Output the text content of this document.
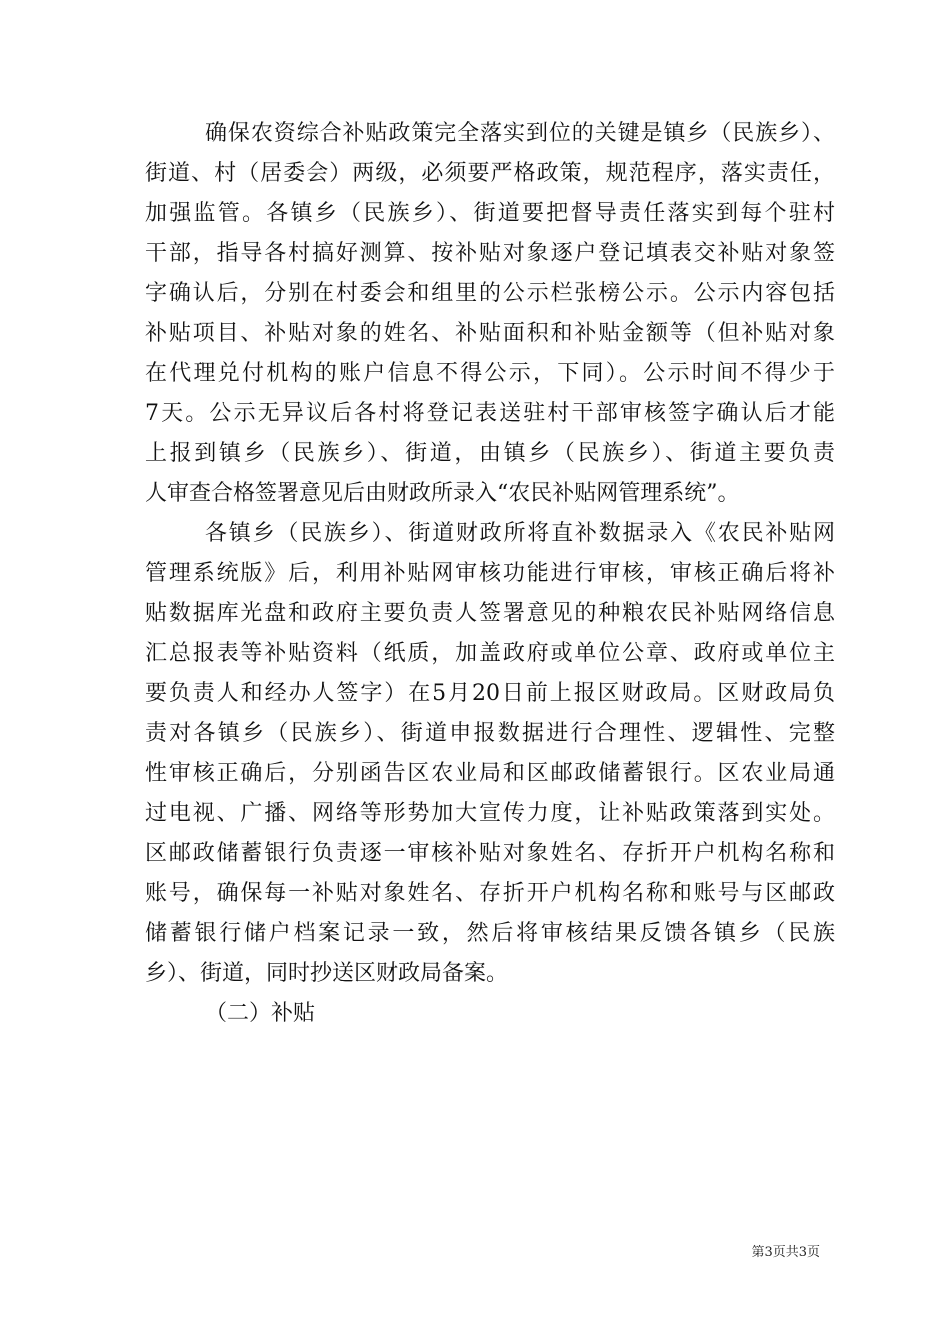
确保农资综合补贴政策完全落实到位的关键是镇乡（民族乡）、
街道、村（居委会）两级，必须要严格政策，规范程序，落实责任，
加强监管。各镇乡（民族乡）、街道要把督导责任落实到每个驻村
干部，指导各村搞好测算、按补贴对象逐户登记填表交补贴对象签
字确认后，分别在村委会和组里的公示栏张榜公示。公示内容包括
补贴项目、补贴对象的姓名、补贴面积和补贴金额等（但补贴对象
在代理兑付机构的账户信息不得公示，下同）。公示时间不得少于
7天。公示无异议后各村将登记表送驻村干部审核签字确认后才能
上报到镇乡（民族乡）、街道，由镇乡（民族乡）、街道主要负责
人审查合格签署意见后由财政所录入“农民补贴网管理系统”。
各镇乡（民族乡）、街道财政所将直补数据录入《农民补贴网
管理系统版》后，利用补贴网审核功能进行审核，审核正确后将补
贴数据库光盘和政府主要负责人签署意见的种粮农民补贴网络信息
汇总报表等补贴资料（纸质，加盖政府或单位公章、政府或单位主
要负责人和经办人签字）在5月20日前上报区财政局。区财政局负
责对各镇乡（民族乡）、街道申报数据进行合理性、逻辑性、完整
性审核正确后，分别函告区农业局和区邮政储蓄银行。区农业局通
过电视、广播、网络等形势加大宣传力度，让补贴政策落到实处。
区邮政储蓄银行负责逐一审核补贴对象姓名、存折开户机构名称和
账号，确保每一补贴对象姓名、存折开户机构名称和账号与区邮政
储蓄银行储户档案记录一致，然后将审核结果反馈各镇乡（民族
乡）、街道，同时抄送区财政局备案。
（二）补贴
第3页共3页
